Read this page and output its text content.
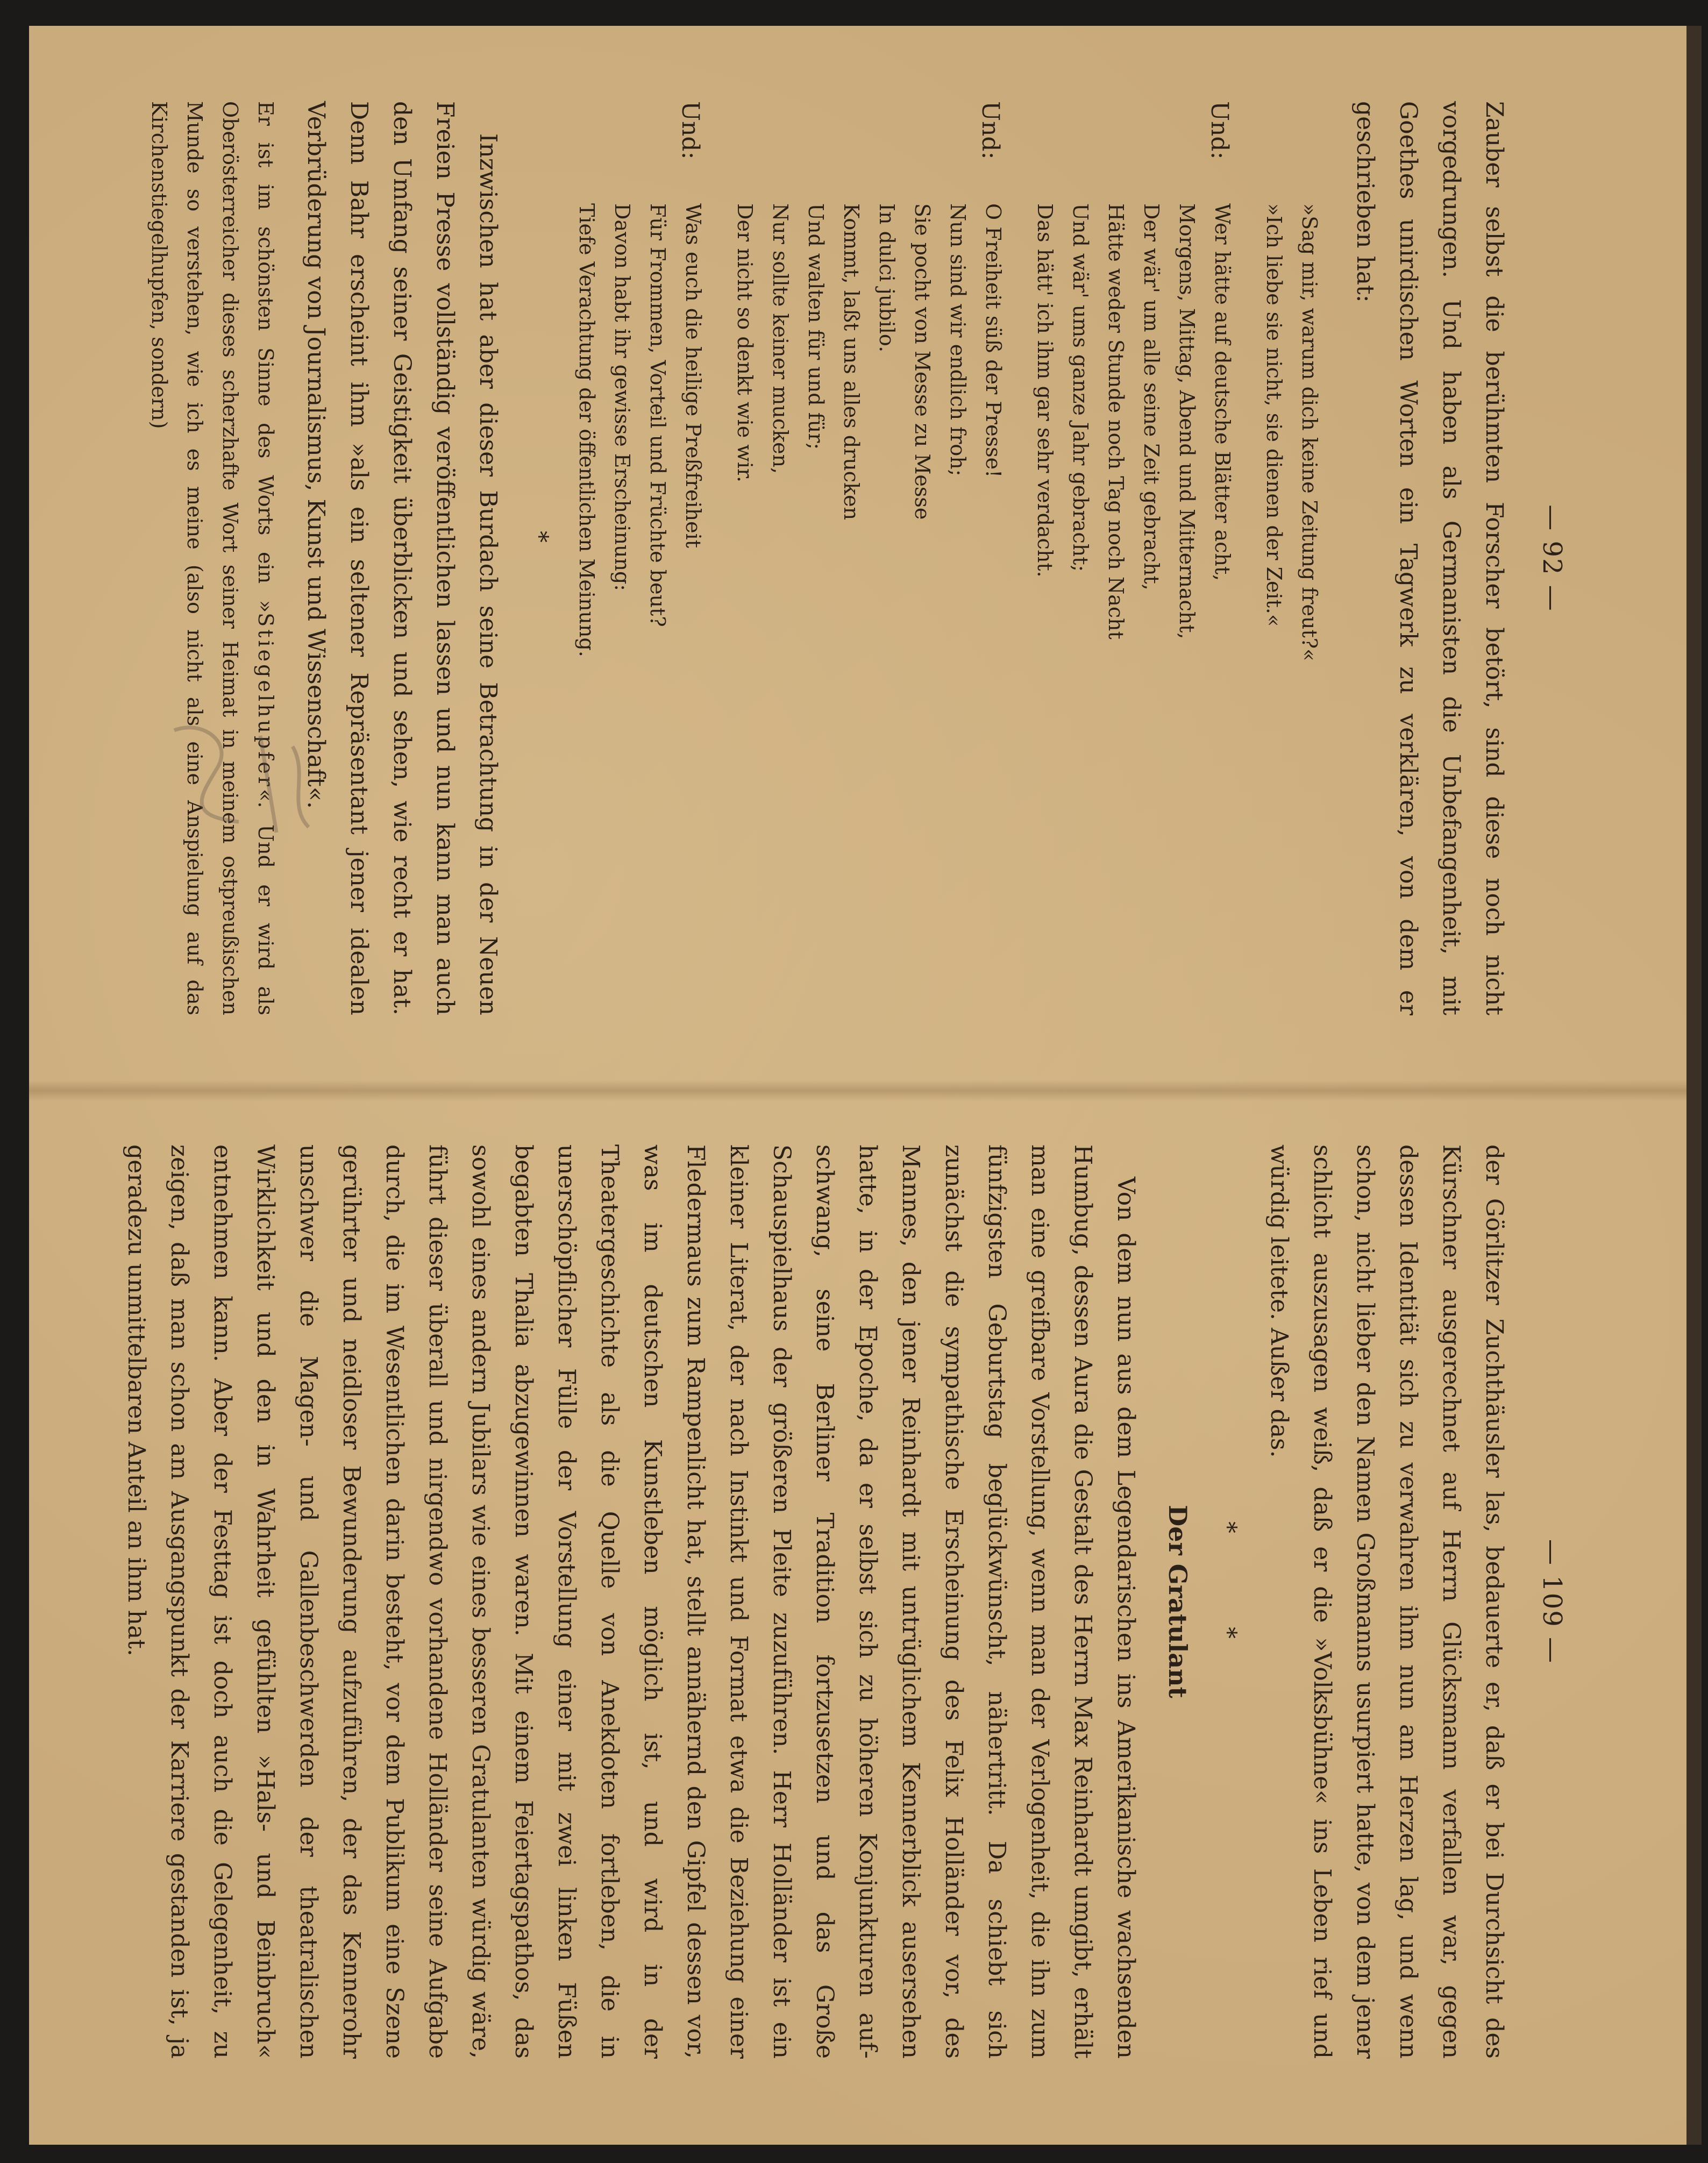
— 92 —

Zauber selbst die berühmten Forscher betört, sind diese noch nicht vorgedrungen. Und haben als Germanisten die Unbefangenheit, mit Goethes unirdischen Worten ein Tagwerk zu verklären, von dem er geschrieben hat:

»Sag mir, warum dich keine Zeitung freut?«
»Ich liebe sie nicht, sie dienen der Zeit.«
Und:
Wer hätte auf deutsche Blätter acht,
Morgens, Mittag, Abend und Mitternacht,
Der wär' um alle seine Zeit gebracht,
Hätte weder Stunde noch Tag noch Nacht
Und wär' ums ganze Jahr gebracht;
Das hätt' ich ihm gar sehr verdacht.
Und:
O Freiheit süß der Presse!
Nun sind wir endlich froh;
Sie pocht von Messe zu Messe
In dulci jubilo.
Kommt, laßt uns alles drucken
Und walten für und für;
Nur sollte keiner mucken,
Der nicht so denkt wie wir.
Und:
Was euch die heilige Preßfreiheit
Für Frommen, Vorteil und Früchte beut?
Davon habt ihr gewisse Erscheinung:
Tiefe Verachtung der öffentlichen Meinung.
*

Inzwischen hat aber dieser Burdach seine Betrachtung in der Neuen Freien Presse vollständig veröffentlichen lassen und nun kann man auch den Umfang seiner Geistigkeit überblicken und sehen, wie recht er hat. Denn Bahr erscheint ihm »als ein seltener Repräsentant jener idealen Verbrüderung von Journalismus, Kunst und Wissenschaft«.

Er ist im schönsten Sinne des Worts ein »Stiegelhupfer«. Und er wird als Oberösterreicher dieses scherzhafte Wort seiner Heimat in meinem ostpreußischen Munde so verstehen, wie ich es meine (also nicht als eine Anspielung auf das Kirchenstiegelhupfen, sondern)

— 109 —

der Görlitzer Zuchthäusler las, bedauerte er, daß er bei Durchsicht des Kürschner ausgerechnet auf Herrn Glücksmann verfallen war, gegen dessen Identität sich zu verwahren ihm nun am Herzen lag, und wenn schon, nicht lieber den Namen Großmanns usurpiert hatte, von dem jener schlicht auszusagen weiß, daß er die »Volksbühne« ins Leben rief und würdig leitete. Außer das.

* *
Der Gratulant

Von dem nun aus dem Legendarischen ins Amerikanische wachsenden Humbug, dessen Aura die Gestalt des Herrn Max Reinhardt umgibt, erhält man eine greifbare Vorstellung, wenn man der Verlogenheit, die ihn zum fünfzigsten Geburtstag beglückwünscht, nähertritt. Da schiebt sich zunächst die sympathische Erscheinung des Felix Holländer vor, des Mannes, den jener Reinhardt mit untrüglichem Kennerblick ausersehen hatte, in der Epoche, da er selbst sich zu höheren Konjunkturen aufschwang, seine Berliner Tradition fortzusetzen und das Große Schauspielhaus der größeren Pleite zuzuführen. Herr Holländer ist ein kleiner Literat, der nach Instinkt und Format etwa die Beziehung einer Fledermaus zum Rampenlicht hat, stellt annähernd den Gipfel dessen vor, was im deutschen Kunstleben möglich ist, und wird in der Theatergeschichte als die Quelle von Anekdoten fortleben, die in unerschöpflicher Fülle der Vorstellung einer mit zwei linken Füßen begabten Thalia abzugewinnen waren. Mit einem Feiertagspathos, das sowohl eines andern Jubilars wie eines besseren Gratulanten würdig wäre, führt dieser überall und nirgendwo vorhandene Holländer seine Aufgabe durch, die im Wesentlichen darin besteht, vor dem Publikum eine Szene gerührter und neidloser Bewunderung aufzuführen, der das Kennerohr unschwer die Magen- und Gallenbeschwerden der theatralischen Wirklichkeit und den in Wahrheit gefühlten »Hals- und Beinbruch« entnehmen kann. Aber der Festtag ist doch auch die Gelegenheit, zu zeigen, daß man schon am Ausgangspunkt der Karriere gestanden ist, ja geradezu unmittelbaren Anteil an ihm hat.
